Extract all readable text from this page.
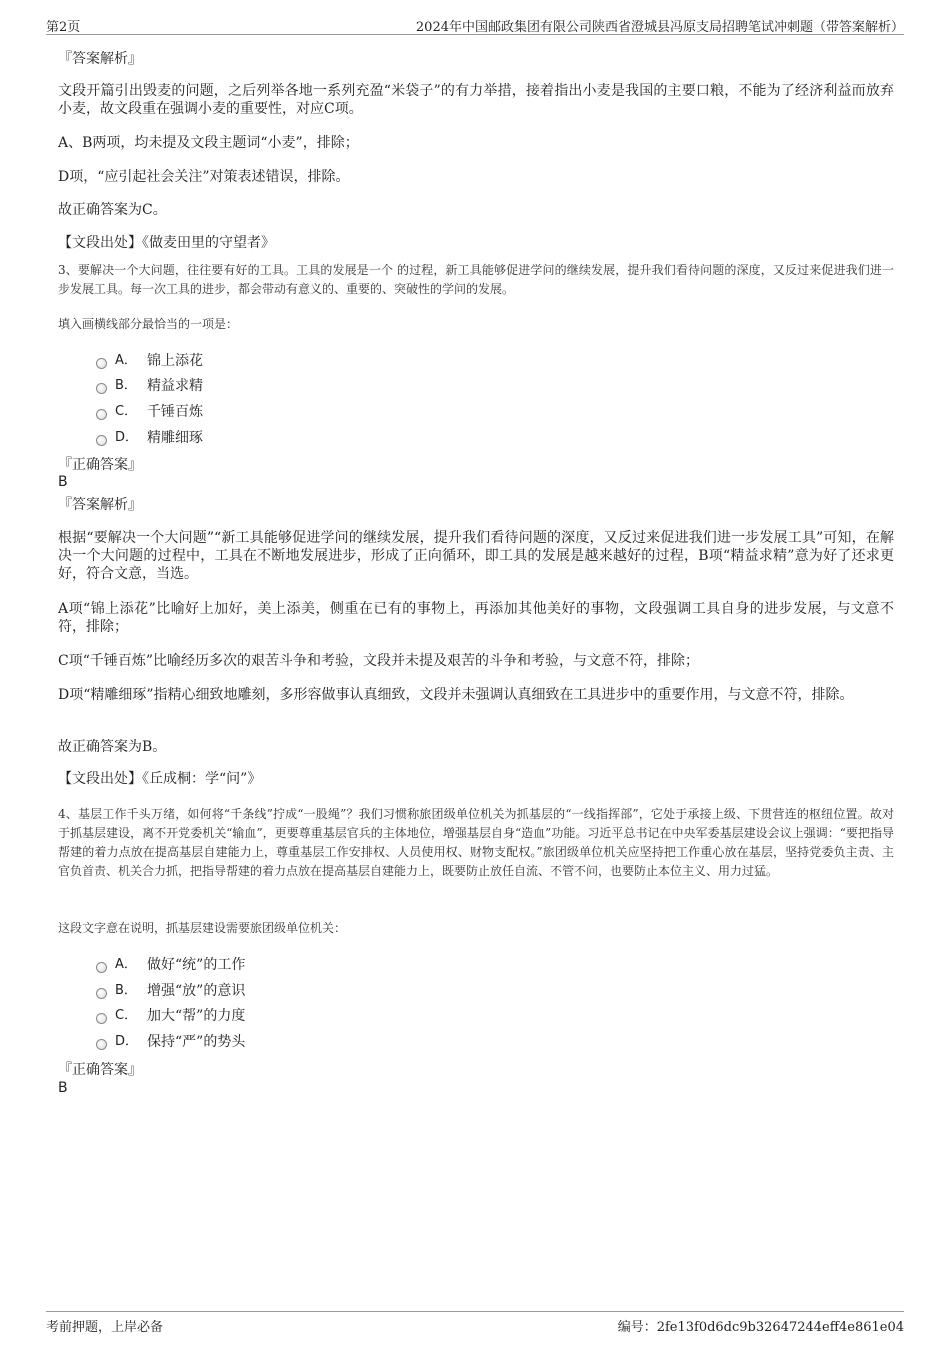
第2页	2024年中国邮政集团有限公司陕西省澄城县冯原支局招聘笔试冲刺题（带答案解析）
『答案解析』
文段开篇引出毁麦的问题，之后列举各地一系列充盈“米袋子”的有力举措，接着指出小麦是我国的主要口粮，不能为了经济利益而放弃小麦，故文段重在强调小麦的重要性，对应C项。
A、B两项，均未提及文段主题词“小麦”，排除；
D项，“应引起社会关注”对策表述错误，排除。
故正确答案为C。
【文段出处】《做麦田里的守望者》
3、要解决一个大问题，往往要有好的工具。工具的发展是一个 的过程，新工具能够促进学问的继续发展，提升我们看待问题的深度，又反过来促进我们进一步发展工具。每一次工具的进步，都会带动有意义的、重要的、突破性的学问的发展。
填入画横线部分最恰当的一项是：
A． 锦上添花
B． 精益求精
C． 千锤百炼
D． 精雕细琢
『正确答案』
B
『答案解析』
根据“要解决一个大问题”“新工具能够促进学问的继续发展，提升我们看待问题的深度，又反过来促进我们进一步发展工具”可知，在解决一个大问题的过程中，工具在不断地发展进步，形成了正向循环，即工具的发展是越来越好的过程，B项“精益求精”意为好了还求更好，符合文意，当选。
A项“锦上添花”比喻好上加好，美上添美，侧重在已有的事物上，再添加其他美好的事物，文段强调工具自身的进步发展，与文意不符，排除；
C项“千锤百炼”比喻经历多次的艰苦斗争和考验，文段并未提及艰苦的斗争和考验，与文意不符，排除；
D项“精雕细琢”指精心细致地雕刻，多形容做事认真细致，文段并未强调认真细致在工具进步中的重要作用，与文意不符，排除。
故正确答案为B。
【文段出处】《丘成桐：学“问”》
4、基层工作千头万绪，如何将“千条线”拧成“一股绳”？我们习惯称旅团级单位机关为抓基层的“一线指挥部”，它处于承接上级、下贯营连的枢纽位置。故对于抓基层建设，离不开党委机关“输血”，更要尊重基层官兵的主体地位，增强基层自身“造血”功能。习近平总书记在中央军委基层建设会议上强调：“要把指导帮建的着力点放在提高基层自建能力上，尊重基层工作安排权、人员使用权、财物支配权。”旅团级单位机关应坚持把工作重心放在基层，坚持党委负主责、主官负首责、机关合力抓，把指导帮建的着力点放在提高基层自建能力上，既要防止放任自流、不管不问，也要防止本位主义、用力过猛。
这段文字意在说明，抓基层建设需要旅团级单位机关：
A． 做好“统”的工作
B． 增强“放”的意识
C． 加大“帮”的力度
D． 保持“严”的势头
『正确答案』
B
考前押题，上岸必备	编号：2fe13f0d6dc9b32647244eff4e861e04
